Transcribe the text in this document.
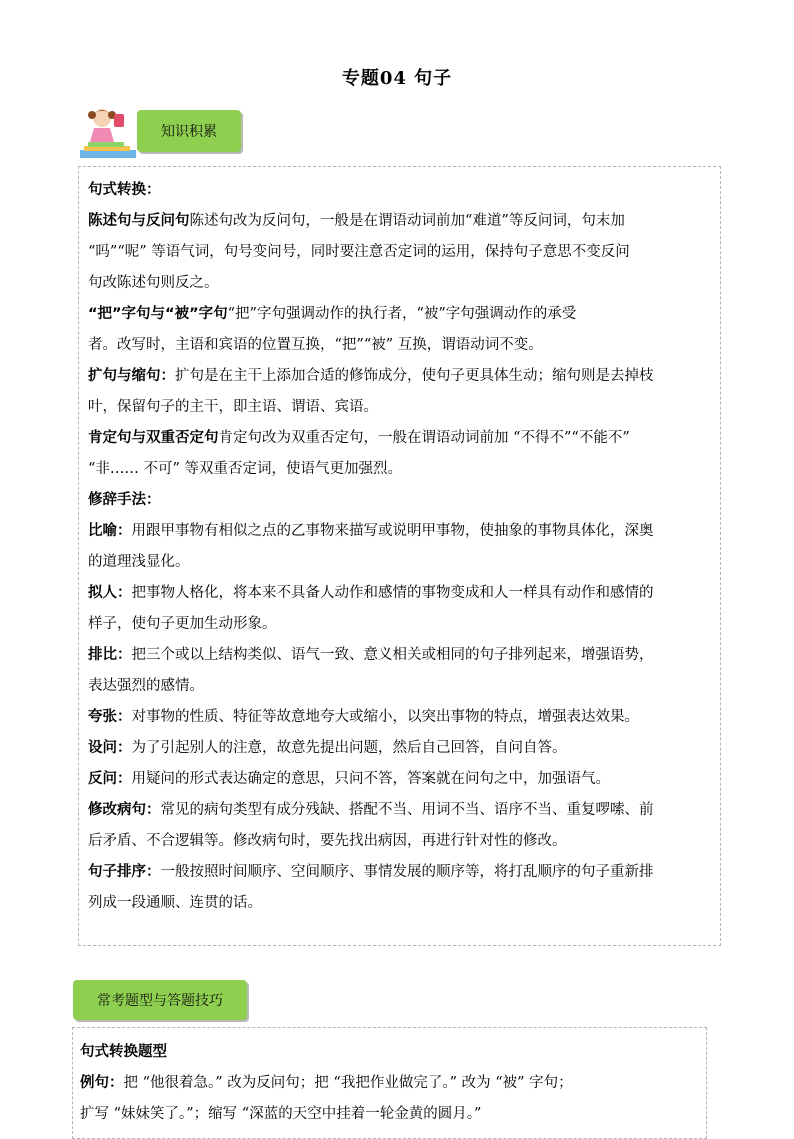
专题04 句子
知识积累
句式转换：
陈述句与反问句陈述句改为反问句，一般是在谓语动词前加“难道”等反问词，句末加
“吗”“呢” 等语气词，句号变问号，同时要注意否定词的运用，保持句子意思不变反问
句改陈述句则反之。
“把”字句与“被”字句“把”字句强调动作的执行者，“被”字句强调动作的承受
者。改写时，主语和宾语的位置互换，“把”“被” 互换，谓语动词不变。
扩句与缩句：扩句是在主干上添加合适的修饰成分，使句子更具体生动；缩句则是去掉枝
叶，保留句子的主干，即主语、谓语、宾语。
肯定句与双重否定句肯定句改为双重否定句，一般在谓语动词前加 “不得不”“不能不”
“非…… 不可” 等双重否定词，使语气更加强烈。
修辞手法：
比喻：用跟甲事物有相似之点的乙事物来描写或说明甲事物，使抽象的事物具体化，深奥
的道理浅显化。
拟人：把事物人格化，将本来不具备人动作和感情的事物变成和人一样具有动作和感情的
样子，使句子更加生动形象。
排比：把三个或以上结构类似、语气一致、意义相关或相同的句子排列起来，增强语势，
表达强烈的感情。
夸张：对事物的性质、特征等故意地夸大或缩小，以突出事物的特点，增强表达效果。
设问：为了引起别人的注意，故意先提出问题，然后自己回答，自问自答。
反问：用疑问的形式表达确定的意思，只问不答，答案就在问句之中，加强语气。
修改病句：常见的病句类型有成分残缺、搭配不当、用词不当、语序不当、重复啰嗦、前
后矛盾、不合逻辑等。修改病句时，要先找出病因，再进行针对性的修改。
句子排序：一般按照时间顺序、空间顺序、事情发展的顺序等，将打乱顺序的句子重新排
列成一段通顺、连贯的话。
常考题型与答题技巧
句式转换题型
例句：把 “他很着急。” 改为反问句；把 “我把作业做完了。” 改为 “被” 字句；
扩写 “妹妹笑了。”；缩写 “深蓝的天空中挂着一轮金黄的圆月。”
